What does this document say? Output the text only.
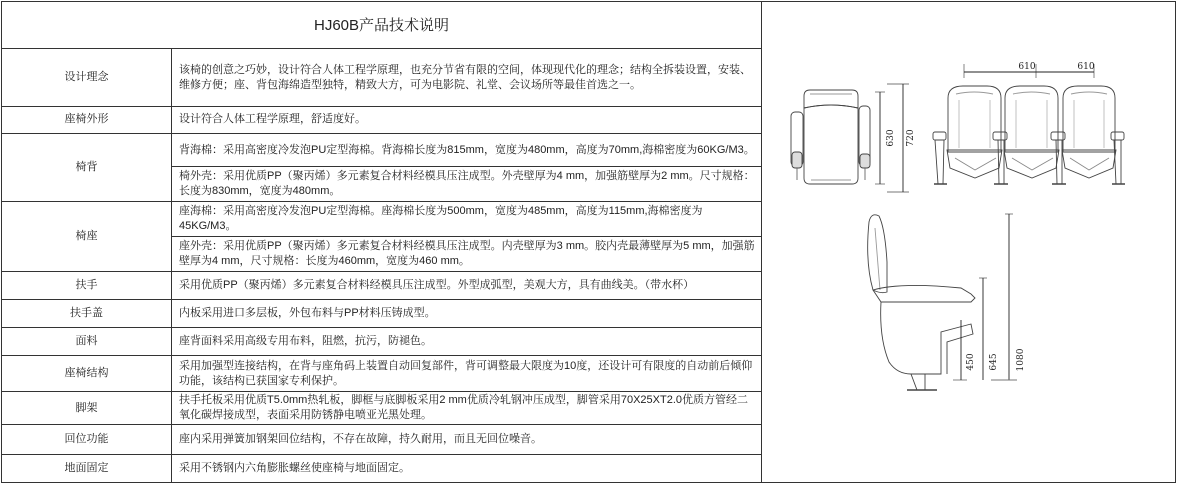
HJ60B产品技术说明	
设计理念	该椅的创意之巧妙，设计符合人体工程学原理，也充分节省有限的空间，体现现代化的理念；结构全拆装设置，安装、维修方便；座、背包海绵造型独特，精致大方，可为电影院、礼堂、会议场所等最佳首选之一。
座椅外形	设计符合人体工程学原理，舒适度好。
椅背	背海棉：采用高密度冷发泡PU定型海棉。背海棉长度为815mm，宽度为480mm，高度为70mm,海棉密度为60KG/M3。
	椅外壳：采用优质PP（聚丙烯）多元素复合材料经模具压注成型。外壳壁厚为4 mm，加强筋壁厚为2 mm。尺寸规格：长度为830mm，宽度为480mm。
椅座	座海棉：采用高密度冷发泡PU定型海棉。座海棉长度为500mm，宽度为485mm，高度为115mm,海棉密度为45KG/M3。
	座外壳：采用优质PP（聚丙烯）多元素复合材料经模具压注成型。内壳壁厚为3 mm。胶内壳最薄壁厚为5 mm，加强筋壁厚为4 mm，尺寸规格：长度为460mm，宽度为460 mm。
扶手	采用优质PP（聚丙烯）多元素复合材料经模具压注成型。外型成弧型，美观大方，具有曲线美。（带水杯）
扶手盖	内板采用进口多层板，外包布料与PP材料压铸成型。
面料	座背面料采用高级专用布料，阻燃，抗污，防褪色。
座椅结构	采用加强型连接结构，在背与座角码上装置自动回复部件，背可调整最大限度为10度，还设计可有限度的自动前后倾仰功能，该结构已获国家专利保护。
脚架	扶手托板采用优质T5.0mm热轧板，脚框与底脚板采用2 mm优质冷轧钢冲压成型，脚管采用70X25XT2.0优质方管经二氧化碳焊接成型，表面采用防锈静电喷亚光黑处理。
回位功能	座内采用弹簧加钢架回位结构，不存在故障，持久耐用，而且无回位噪音。
地面固定	采用不锈钢内六角膨胀螺丝使座椅与地面固定。
610	610
630 720
450 645 1080
